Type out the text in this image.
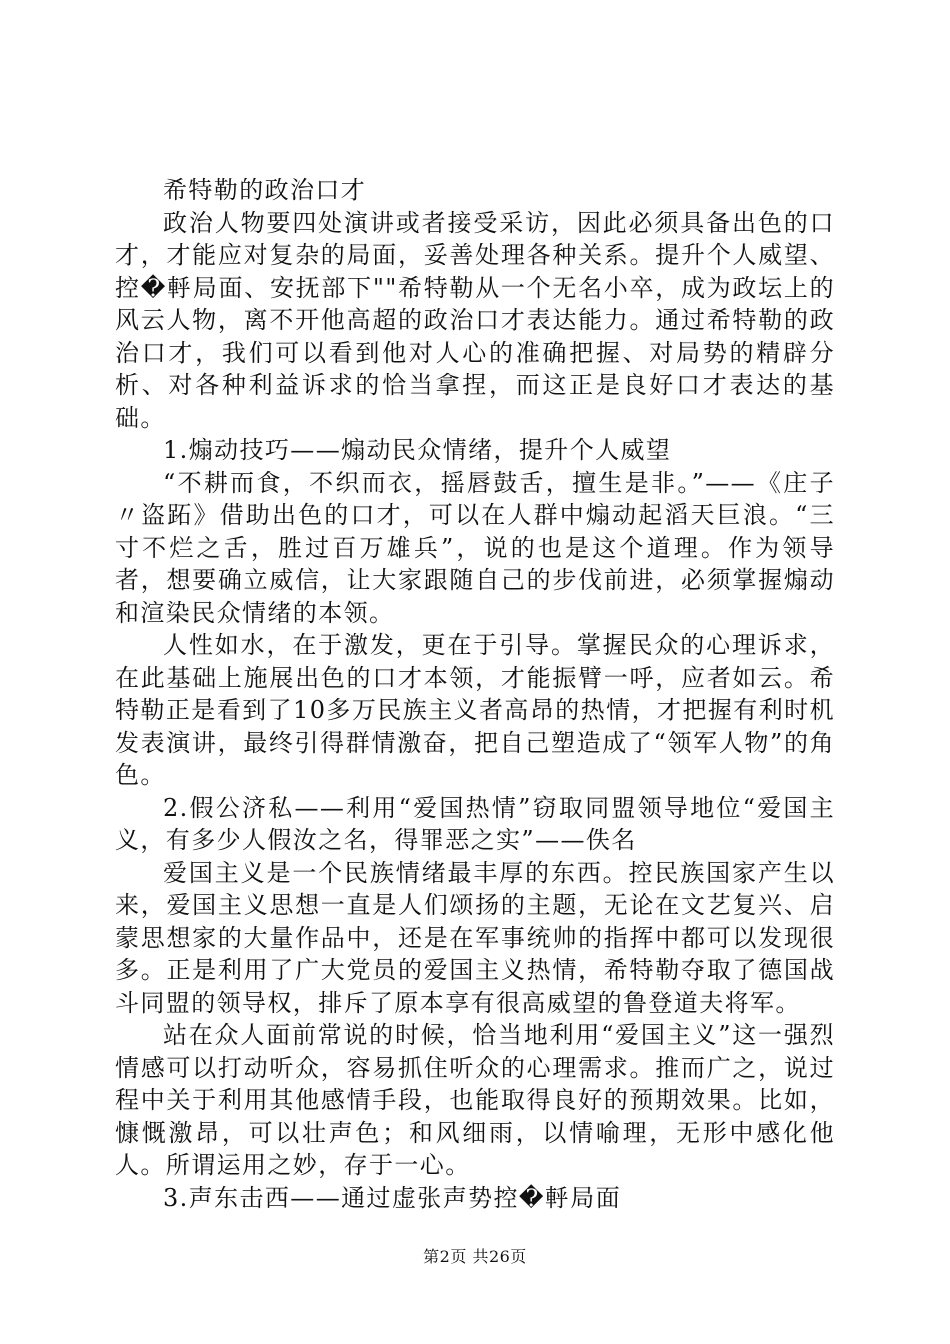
希特勒的政治口才

政治人物要四处演讲或者接受采访，因此必须具备出色的口才，才能应对复杂的局面，妥善处理各种关系。提升个人威望、控�軤局面、安抚部下""希特勒从一个无名小卒，成为政坛上的风云人物，离不开他高超的政治口才表达能力。通过希特勒的政治口才，我们可以看到他对人心的准确把握、对局势的精辟分析、对各种利益诉求的恰当拿捏，而这正是良好口才表达的基础。

1.煽动技巧——煽动民众情绪，提升个人威望

“不耕而食，不织而衣，摇唇鼓舌，擅生是非。”——《庄子〃盗跖》借助出色的口才，可以在人群中煽动起滔天巨浪。“三寸不烂之舌，胜过百万雄兵”，说的也是这个道理。作为领导者，想要确立威信，让大家跟随自己的步伐前进，必须掌握煽动和渲染民众情绪的本领。

人性如水，在于激发，更在于引导。掌握民众的心理诉求，在此基础上施展出色的口才本领，才能振臂一呼，应者如云。希特勒正是看到了10多万民族主义者高昂的热情，才把握有利时机发表演讲，最终引得群情激奋，把自己塑造成了“领军人物”的角色。

2.假公济私——利用“爱国热情”窃取同盟领导地位“爱国主义，有多少人假汝之名，得罪恶之实”——佚名

爱国主义是一个民族情绪最丰厚的东西。控民族国家产生以来，爱国主义思想一直是人们颂扬的主题，无论在文艺复兴、启蒙思想家的大量作品中，还是在军事统帅的指挥中都可以发现很多。正是利用了广大党员的爱国主义热情，希特勒夺取了德国战斗同盟的领导权，排斥了原本享有很高威望的鲁登道夫将军。

站在众人面前常说的时候，恰当地利用“爱国主义”这一强烈情感可以打动听众，容易抓住听众的心理需求。推而广之，说过程中关于利用其他感情手段，也能取得良好的预期效果。比如，慷慨激昂，可以壮声色；和风细雨，以情喻理，无形中感化他人。所谓运用之妙，存于一心。

3.声东击西——通过虚张声势控�軤局面

第2页 共26页
